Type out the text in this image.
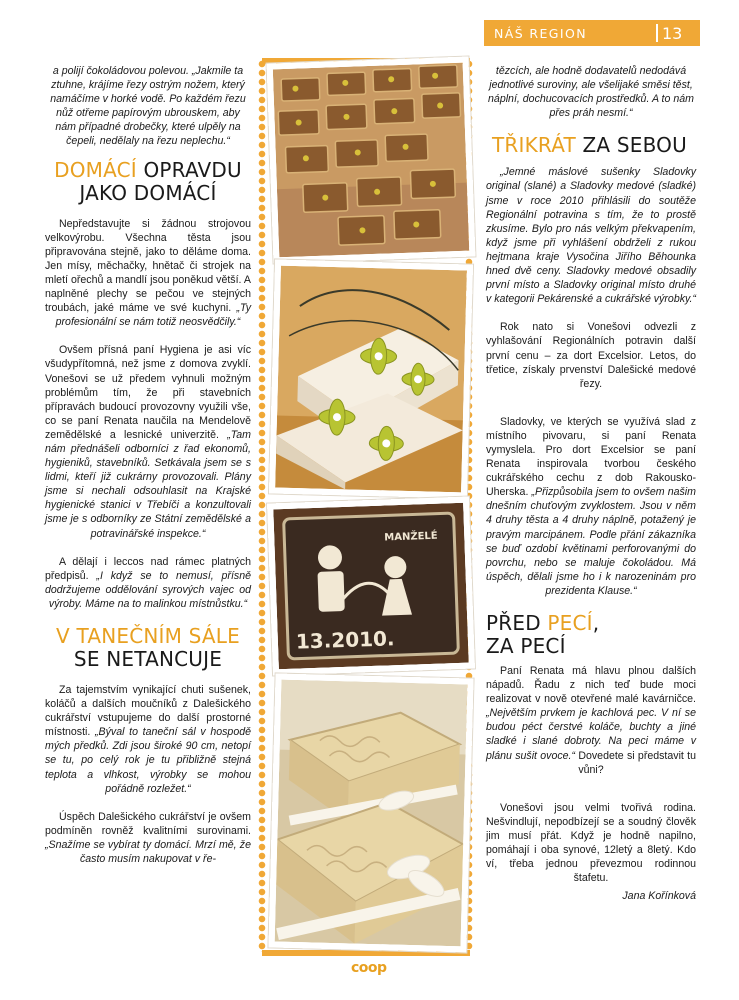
NÁŠ REGION	13

a polijí čokoládovou polevou. „Jakmile ta ztuhne, krájíme řezy ostrým nožem, který namáčíme v horké vodě. Po každém řezu nůž otřeme papírovým ubrouskem, aby nám případné drobečky, které ulpěly na čepeli, nedělaly na řezu neplechu.“

DOMÁCÍ OPRAVDU JAKO DOMÁCÍ

Nepředstavujte si žádnou strojovou velkovýrobu. Všechna těsta jsou připravována stejně, jako to děláme doma. Jen mísy, měchačky, hnětač či strojek na mletí ořechů a mandlí jsou poněkud větší. A naplněné plechy se pečou ve stejných troubách, jaké máme ve své kuchyni. „Ty profesionální se nám totiž neosvědčily.“

Ovšem přísná paní Hygiena je asi víc všudypřítomná, než jsme z domova zvyklí. Vonešovi se už předem vyhnuli možným problémům tím, že při stavebních přípravách budoucí provozovny využili vše, co se paní Renata naučila na Mendelově zemědělské a lesnické univerzitě. „Tam nám přednášeli odborníci z řad ekonomů, hygieniků, stavebníků. Setkávala jsem se s lidmi, kteří již cukrárny provozovali. Plány jsme si nechali odsouhlasit na Krajské hygienické stanici v Třebíči a konzultovali jsme je s odborníky ze Státní zemědělské a potravinářské inspekce.“

A dělají i leccos nad rámec platných předpisů. „I když se to nemusí, přísně dodržujeme oddělování syrových vajec od výroby. Máme na to malinkou místnůstku.“

V TANEČNÍM SÁLE
SE NETANCUJE

Za tajemstvím vynikající chuti sušenek, koláčů a dalších moučníků z Dalešického cukrářství vstupujeme do další prostorné místnosti. „Býval to taneční sál v hospodě mých předků. Zdi jsou široké 90 cm, netopí se tu, po celý rok je tu přibližně stejná teplota a vlhkost, výrobky se mohou pořádně rozležet.“

Úspěch Dalešického cukrářství je ovšem podmíněn rovněž kvalitními surovinami. „Snažíme se vybírat ty domácí. Mrzí mě, že často musím nakupovat v ře-

MANŽELÉ
13.2010.

tězcích, ale hodně dodavatelů nedodává jednotlivé suroviny, ale všelijaké směsi těst, náplní, dochucovacích prostředků. A to nám přes práh nesmí.“

TŘIKRÁT ZA SEBOU

„Jemné máslové sušenky Sladovky original (slané) a Sladovky medové (sladké) jsme v roce 2010 přihlásili do soutěže Regionální potravina s tím, že to prostě zkusíme. Bylo pro nás velkým překvapením, když jsme při vyhlášení obdrželi z rukou hejtmana kraje Vysočina Jiřího Běhounka hned dvě ceny. Sladovky medové obsadily první místo a Sladovky original místo druhé v kategorii Pekárenské a cukrářské výrobky.“

Rok nato si Vonešovi odvezli z vyhlašování Regionálních potravin další první cenu – za dort Excelsior. Letos, do třetice, získaly prvenství Dalešické medové řezy.

Sladovky, ve kterých se využívá slad z místního pivovaru, si paní Renata vymyslela. Pro dort Excelsior se paní Renata inspirovala tvorbou českého cukrářského cechu z dob Rakousko-Uherska. „Přizpůsobila jsem to ovšem našim dnešním chuťovým zvyklostem. Jsou v něm 4 druhy těsta a 4 druhy náplně, potažený je pravým marcipánem. Podle přání zákazníka se buď ozdobí květinami perforovanými do povrchu, nebo se maluje čokoládou. Má úspěch, dělali jsme ho i k narozeninám pro prezidenta Klause.“

PŘED PECÍ,
ZA PECÍ

Paní Renata má hlavu plnou dalších nápadů. Řadu z nich teď bude moci realizovat v nově otevřené malé kavárničce. „Největším prvkem je kachlová pec. V ní se budou péct čerstvé koláče, buchty a jiné sladké i slané dobroty. Na peci máme v plánu sušit ovoce.“ Dovedete si představit tu vůni?

Vonešovi jsou velmi tvořivá rodina. Nešvindlují, nepodbízejí se a soudný člověk jim musí přát. Když je hodně napilno, pomáhají i oba synové, 12letý a 8letý. Kdo ví, třeba jednou převezmou rodinnou štafetu.

Jana Kořínková

coop
